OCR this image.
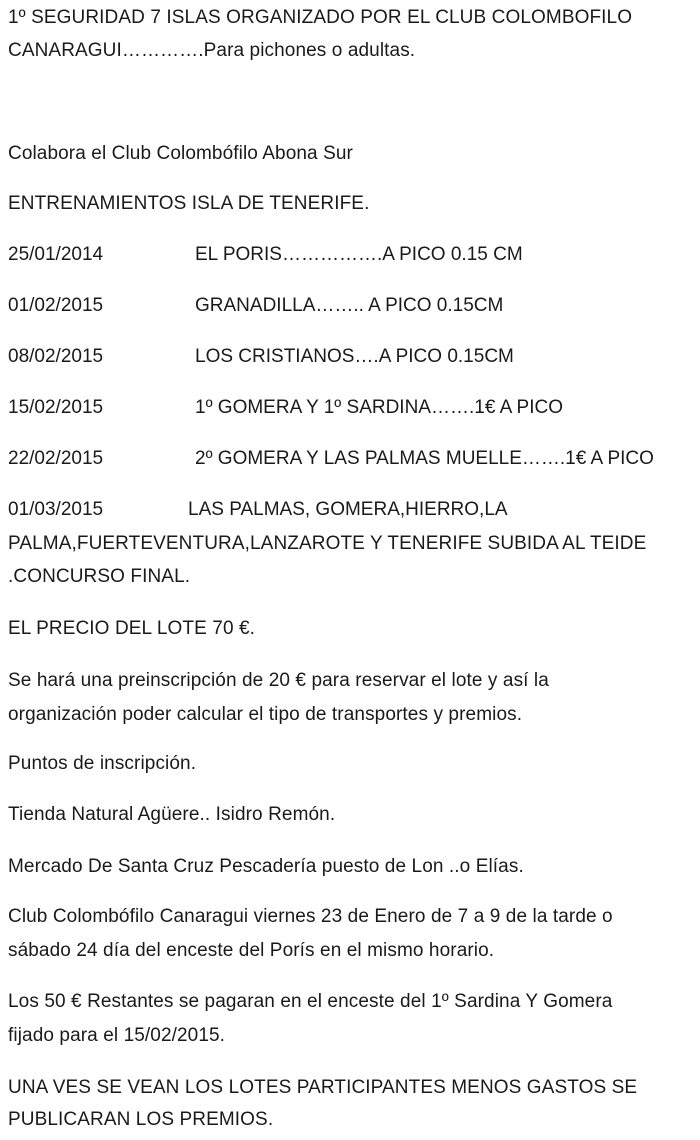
1º SEGURIDAD 7 ISLAS ORGANIZADO POR EL CLUB COLOMBOFILO
CANARAGUI………….Para pichones o adultas.
Colabora el Club Colombófilo Abona Sur
ENTRENAMIENTOS ISLA DE TENERIFE.
25/01/2014	EL PORIS…………….A PICO 0.15 CM
01/02/2015	GRANADILLA…….. A PICO 0.15CM
08/02/2015	LOS CRISTIANOS….A PICO 0.15CM
15/02/2015	1º GOMERA Y 1º SARDINA…….1€ A PICO
22/02/2015	2º GOMERA Y LAS PALMAS MUELLE…….1€ A PICO
01/03/2015	LAS PALMAS, GOMERA,HIERRO,LA
PALMA,FUERTEVENTURA,LANZAROTE Y TENERIFE SUBIDA AL TEIDE
.CONCURSO FINAL.
EL PRECIO DEL LOTE 70 €.
Se hará una preinscripción de 20 € para reservar el lote y así la
organización poder calcular el tipo de transportes y premios.
Puntos de inscripción.
Tienda Natural Agüere.. Isidro Remón.
Mercado De Santa Cruz Pescadería puesto de Lon ..o Elías.
Club Colombófilo Canaragui viernes 23 de Enero de 7 a 9 de la tarde o
sábado 24 día del enceste del Porís en el mismo horario.
Los 50 € Restantes se pagaran en el enceste del 1º Sardina Y Gomera
fijado para el 15/02/2015.
UNA VES SE VEAN LOS LOTES PARTICIPANTES MENOS GASTOS SE
PUBLICARAN LOS PREMIOS.
